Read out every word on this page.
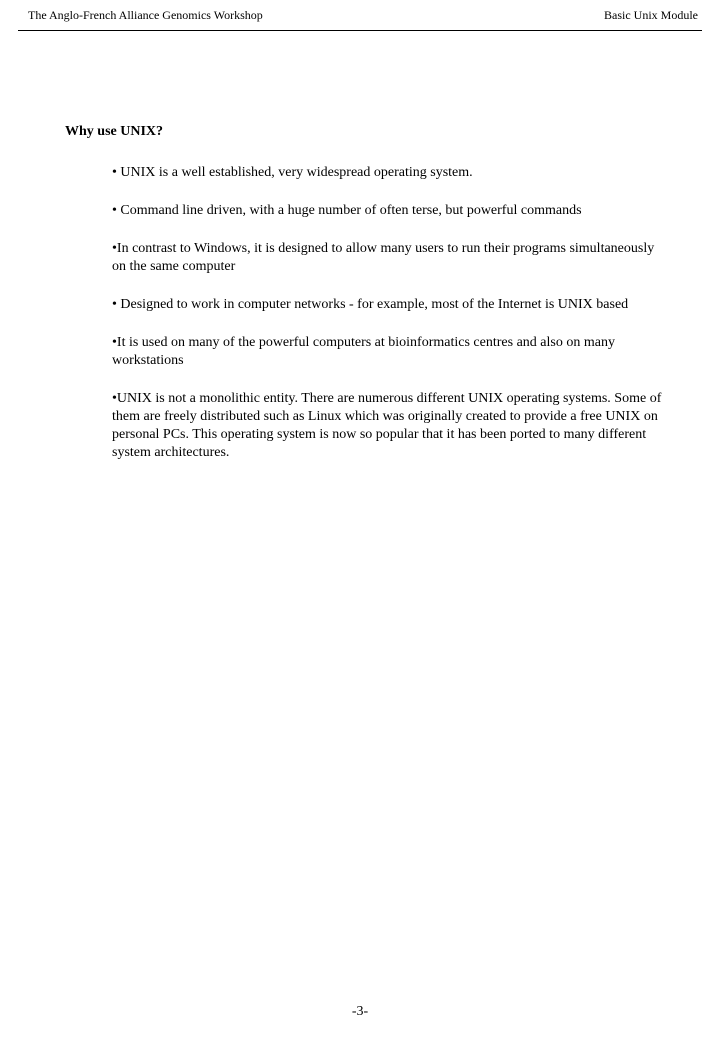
The Anglo-French Alliance Genomics Workshop	Basic Unix Module
Why use UNIX?
• UNIX is a well established, very widespread operating system.
• Command line driven, with a huge number of often terse, but powerful commands
•In contrast to Windows, it is designed to allow many users to run their programs simultaneously on the same computer
• Designed to work in computer networks - for example, most of the Internet is UNIX based
•It is used on many of the powerful computers at bioinformatics centres and also on many workstations
•UNIX is not a monolithic entity. There are numerous different UNIX operating systems. Some of them are freely distributed such as Linux which was originally created to provide a free UNIX on personal PCs. This operating system is now so popular that it has been ported to many different system architectures.
-3-
